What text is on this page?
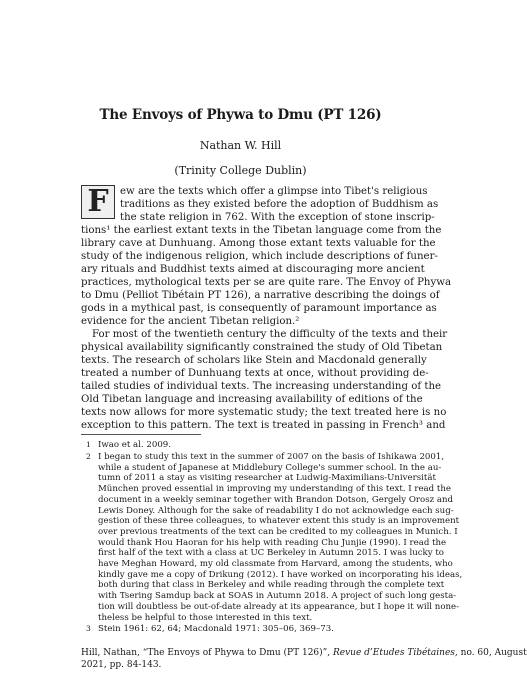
The Envoys of Phywa to Dmu (PT 126)
Nathan W. Hill
(Trinity College Dublin)
F ew are the texts which offer a glimpse into Tibet's religious
traditions as they existed before the adoption of Buddhism as
the state religion in 762. With the exception of stone inscrip-
tions¹ the earliest extant texts in the Tibetan language come from the
library cave at Dunhuang. Among those extant texts valuable for the
study of the indigenous religion, which include descriptions of funer-
ary rituals and Buddhist texts aimed at discouraging more ancient
practices, mythological texts per se are quite rare. The Envoy of Phywa
to Dmu (Pelliot Tibétain PT 126), a narrative describing the doings of
gods in a mythical past, is consequently of paramount importance as
evidence for the ancient Tibetan religion.²
For most of the twentieth century the difficulty of the texts and their
physical availability significantly constrained the study of Old Tibetan
texts. The research of scholars like Stein and Macdonald generally
treated a number of Dunhuang texts at once, without providing de-
tailed studies of individual texts. The increasing understanding of the
Old Tibetan language and increasing availability of editions of the
texts now allows for more systematic study; the text treated here is no
exception to this pattern. The text is treated in passing in French³ and
1 Iwao et al. 2009.
2 I began to study this text in the summer of 2007 on the basis of Ishikawa 2001,
while a student of Japanese at Middlebury College's summer school. In the au-
tumn of 2011 a stay as visiting researcher at Ludwig-Maximilians-Universität
München proved essential in improving my understanding of this text. I read the
document in a weekly seminar together with Brandon Dotson, Gergely Orosz and
Lewis Doney. Although for the sake of readability I do not acknowledge each sug-
gestion of these three colleagues, to whatever extent this study is an improvement
over previous treatments of the text can be credited to my colleagues in Munich. I
would thank Hou Haoran for his help with reading Chu Junjie (1990). I read the
first half of the text with a class at UC Berkeley in Autumn 2015. I was lucky to
have Meghan Howard, my old classmate from Harvard, among the students, who
kindly gave me a copy of Drikung (2012). I have worked on incorporating his ideas,
both during that class in Berkeley and while reading through the complete text
with Tsering Samdup back at SOAS in Autumn 2018. A project of such long gesta-
tion will doubtless be out-of-date already at its appearance, but I hope it will none-
theless be helpful to those interested in this text.
3 Stein 1961: 62, 64; Macdonald 1971: 305–06, 369–73.
Hill, Nathan, “The Envoys of Phywa to Dmu (PT 126)”, Revue d’Etudes Tibétaines, no. 60, August
2021, pp. 84-143.
